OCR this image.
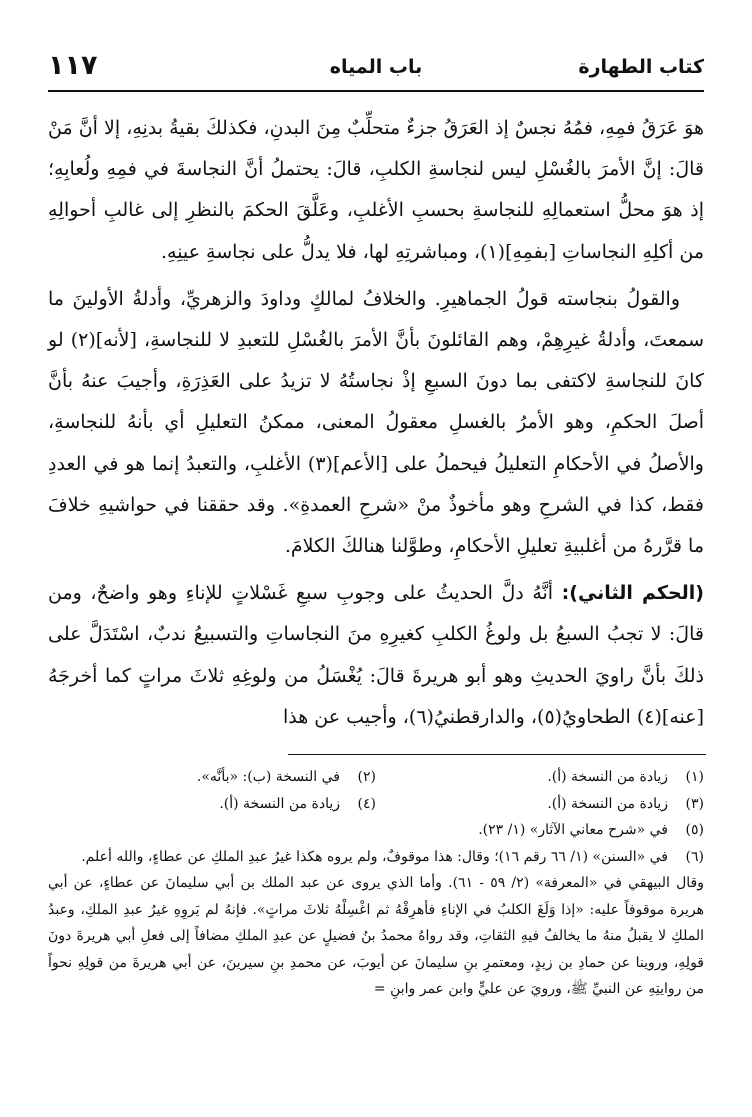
كتاب الطهارة
باب المياه
١١٧

هوَ عَرَقُ فمِهِ، فمُهُ نجسٌ إذ العَرَقُ جزءٌ متحلِّبٌ مِنَ البدنِ، فكذلكَ بقيةُ بدنِهِ، إلا أنَّ مَنْ قالَ: إنَّ الأمرَ بالغُسْلِ ليس لنجاسةِ الكلبِ، قالَ: يحتملُ أنَّ النجاسةَ في فمِهِ ولُعابِهِ؛ إذ هوَ محلُّ استعمالِهِ للنجاسةِ بحسبِ الأغلبِ، وعَلَّقَ الحكمَ بالنظرِ إلى غالبِ أحوالِهِ من أكلِهِ النجاساتِ [بفمِهِ](١)، ومباشرتِهِ لها، فلا يدلُّ على نجاسةِ عينِهِ.

والقولُ بنجاسته قولُ الجماهيرِ. والخلافُ لمالكٍ وداودَ والزهريِّ، وأدلةُ الأولينَ ما سمعتَ، وأدلةُ غيرِهِمْ، وهم القائلونَ بأنَّ الأمرَ بالغُسْلِ للتعبدِ لا للنجاسةِ، [لأنه](٢) لو كانَ للنجاسةِ لاكتفى بما دونَ السبعِ إذْ نجاستُهُ لا تزيدُ على العَذِرَةِ، وأجيبَ عنهُ بأنَّ أصلَ الحكمِ، وهو الأمرُ بالغسلِ معقولُ المعنى، ممكنُ التعليلِ أي بأنهُ للنجاسةِ، والأصلُ في الأحكامِ التعليلُ فيحملُ على [الأعم](٣) الأغلبِ، والتعبدُ إنما هو في العددِ فقط، كذا في الشرحِ وهو مأخوذٌ منْ «شرحِ العمدةِ». وقد حققنا في حواشيهِ خلافَ ما قرَّرهُ من أغلبيةِ تعليلِ الأحكامِ، وطوَّلنا هنالكَ الكلامَ.

(الحكم الثاني): أنَّهُ دلَّ الحديثُ على وجوبِ سبعِ غَسْلاتٍ للإناءِ وهو واضحٌ، ومن قالَ: لا تجبُ السبعُ بل ولوغُ الكلبِ كغيرِهِ منَ النجاساتِ والتسبيعُ ندبٌ، اسْتَدَلَّ على ذلكَ بأنَّ راويَ الحديثِ وهو أبو هريرةَ قالَ: يُغْسَلُ من ولوغِهِ ثلاثَ مراتٍ كما أخرجَهُ [عنه](٤) الطحاويُ(٥)، والدارقطنيُ(٦)، وأجيب عن هذا

(١)
زيادة من النسخة (أ).
(٢)
في النسخة (ب): «بأنَّه».
(٣)
زيادة من النسخة (أ).
(٤)
زيادة من النسخة (أ).
(٥)
في «شرح معاني الآثار» (١/ ٢٣).
(٦)
في «السنن» (١/ ٦٦ رقم ١٦)؛ وقال: هذا موقوفٌ، ولم يروه هكذا غيرُ عبدِ الملكِ عن عطاءٍ، والله أعلم.
وقال البيهقي في «المعرفة» (٢/ ٥٩ - ٦١). وأما الذي يروى عن عبد الملك بن أبي سليمانَ عن عطاءٍ، عن أبي هريرة موقوفاً عليه: «إذا وَلَغَ الكلبُ في الإناءِ فأهرِقْهُ ثم اغْسِلْهُ ثلاثَ مراتٍ». فإنهُ لم يَروِهِ غيرُ عبدِ الملكِ، وعبدُ الملكِ لا يقبلُ منهُ ما يخالفُ فيهِ الثقاتِ، وقد رواهُ محمدُ بنُ فضيلٍ عن عبدِ الملكِ مضافاً إلى فعلِ أبي هريرةَ دونَ قولِهِ، وروينا عن حمادِ بن زيدٍ، ومعتمرِ بنِ سليمانَ عن أيوبَ، عن محمدِ بنِ سيرينَ، عن أبي هريرةَ من قولِهِ نحواً من روايتِهِ عن النبيِّ ﷺ، ورويَ عن عليٍّ وابن عمر وابنِ =
